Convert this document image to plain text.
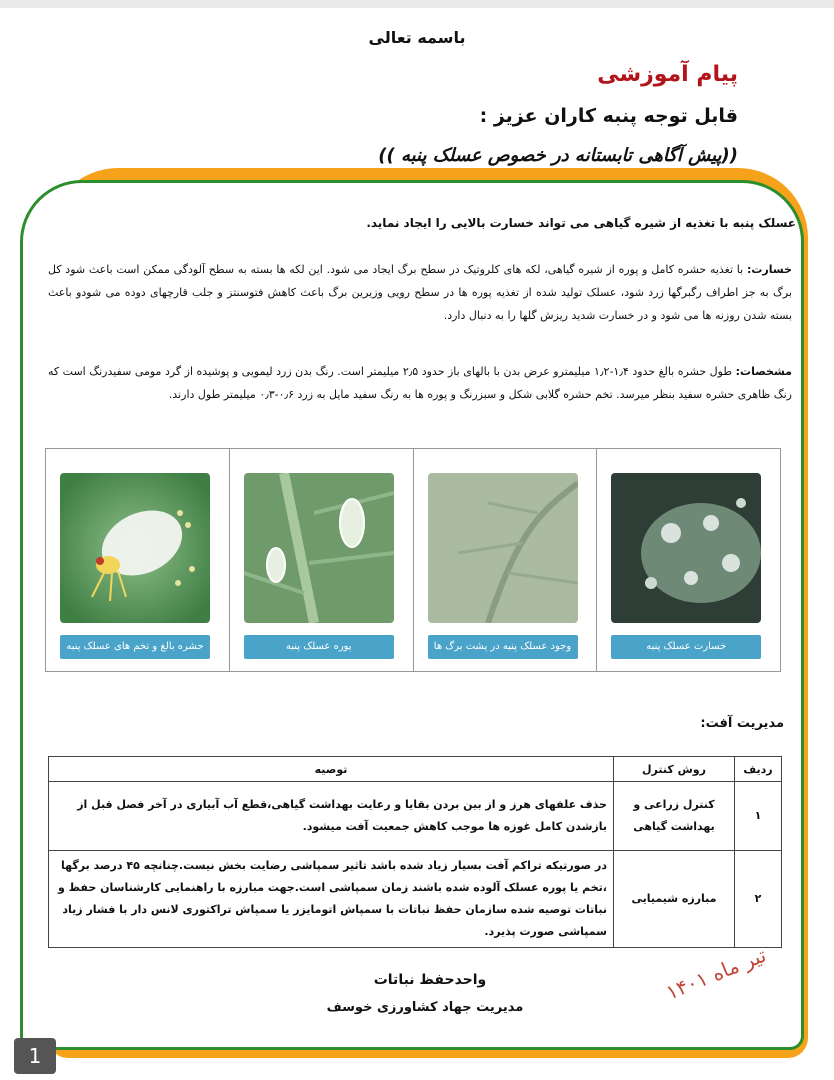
باسمه تعالی
پیام آموزشی
قابل توجه پنبه کاران عزیز :
((پیش آگاهی تابستانه در خصوص عسلک پنبه ))
عسلک پنبه با تغذیه از شیره گیاهی می تواند خسارت بالایی را ایجاد نماید.
خسارت: با تغذیه حشره کامل و پوره از شیره گیاهی، لکه های کلروتیک در سطح برگ ایجاد می شود. این لکه ها بسته به سطح آلودگی ممکن است باعث شود کل برگ به جز اطراف رگبرگها زرد شود، عسلک تولید شده از تغذیه پوره ها در سطح رویی وزیرین برگ باعث کاهش فتوسنتز و جلب قارچهای دوده می شودو باعث بسته شدن روزنه ها می شود و در خسارت شدید ریزش گلها را به دنبال دارد.
مشخصات: طول حشره بالغ حدود ۱٫۴-۱٫۲ میلیمترو عرض بدن با بالهای باز حدود ۲٫۵ میلیمتر است. رنگ بدن زرد لیمویی و پوشیده از گرد مومی سفیدرنگ است که رنگ ظاهری حشره سفید بنظر میرسد. تخم حشره گلابی شکل و سبزرنگ و پوره ها به رنگ سفید مایل به زرد ۰٫۶-۰٫۳ میلیمتر طول دارند.
حشره بالغ و تخم های عسلک پنبه	پوره عسلک پنبه	وجود عسلک پنبه در پشت برگ ها	خسارت عسلک پنبه
مدیریت آفت:
ردیف	روش کنترل	توصیه
۱	کنترل زراعی و بهداشت گیاهی	حذف علفهای هرز و از بین بردن بقایا و رعایت بهداشت گیاهی،قطع آب آبیاری در آخر فصل قبل از بازشدن کامل غوزه ها موجب کاهش جمعیت آفت میشود.
۲	مبارزه شیمیایی	در صورتیکه تراکم آفت بسیار زیاد شده باشد تاثیر سمپاشی رضایت بخش نیست.چنانچه ۴۵ درصد برگها ،تخم یا پوره عسلک آلوده شده باشند زمان سمپاشی است.جهت مبارزه با راهنمایی کارشناسان حفظ و نباتات توصیه شده سازمان حفظ نباتات با سمپاش اتومایزر یا سمپاش تراکتوری لانس دار با فشار زیاد سمپاشی صورت پذیرد.
واحدحفظ نباتات
مدیریت جهاد کشاورزی خوسف
تیر ماه ۱۴۰۱
1
